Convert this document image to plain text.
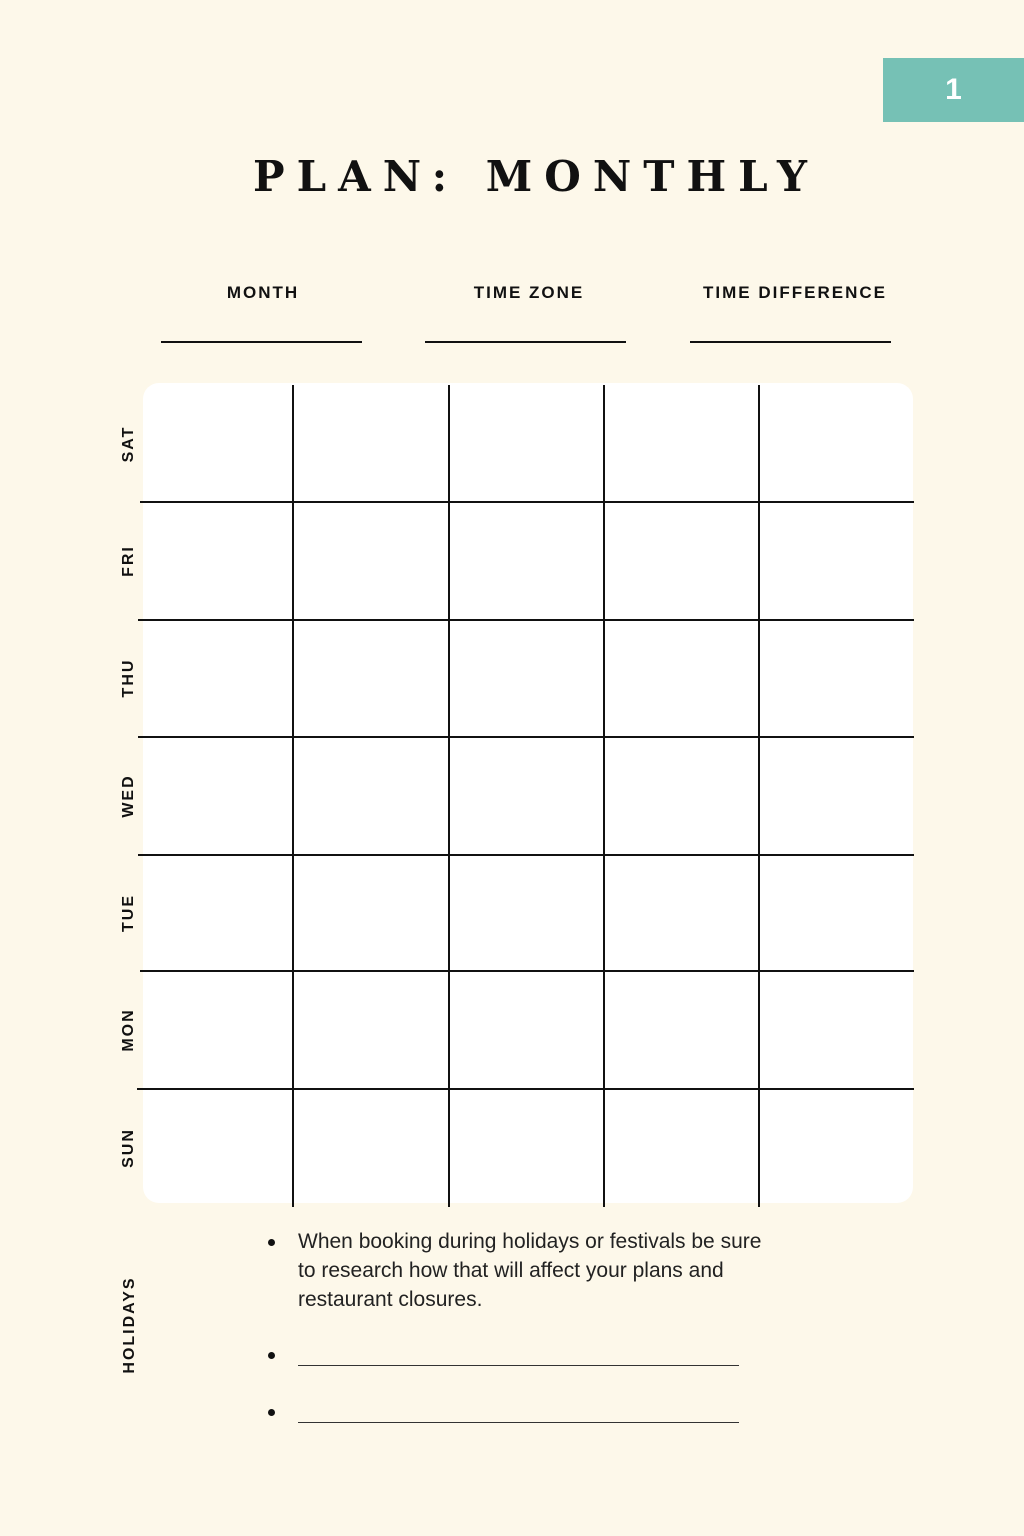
1
PLAN: MONTHLY
MONTH	TIME ZONE	TIME DIFFERENCE
SAT
FRI
THU
WED
TUE
MON
SUN
HOLIDAYS
When booking during holidays or festivals be sure to research how that will affect your plans and restaurant closures.
